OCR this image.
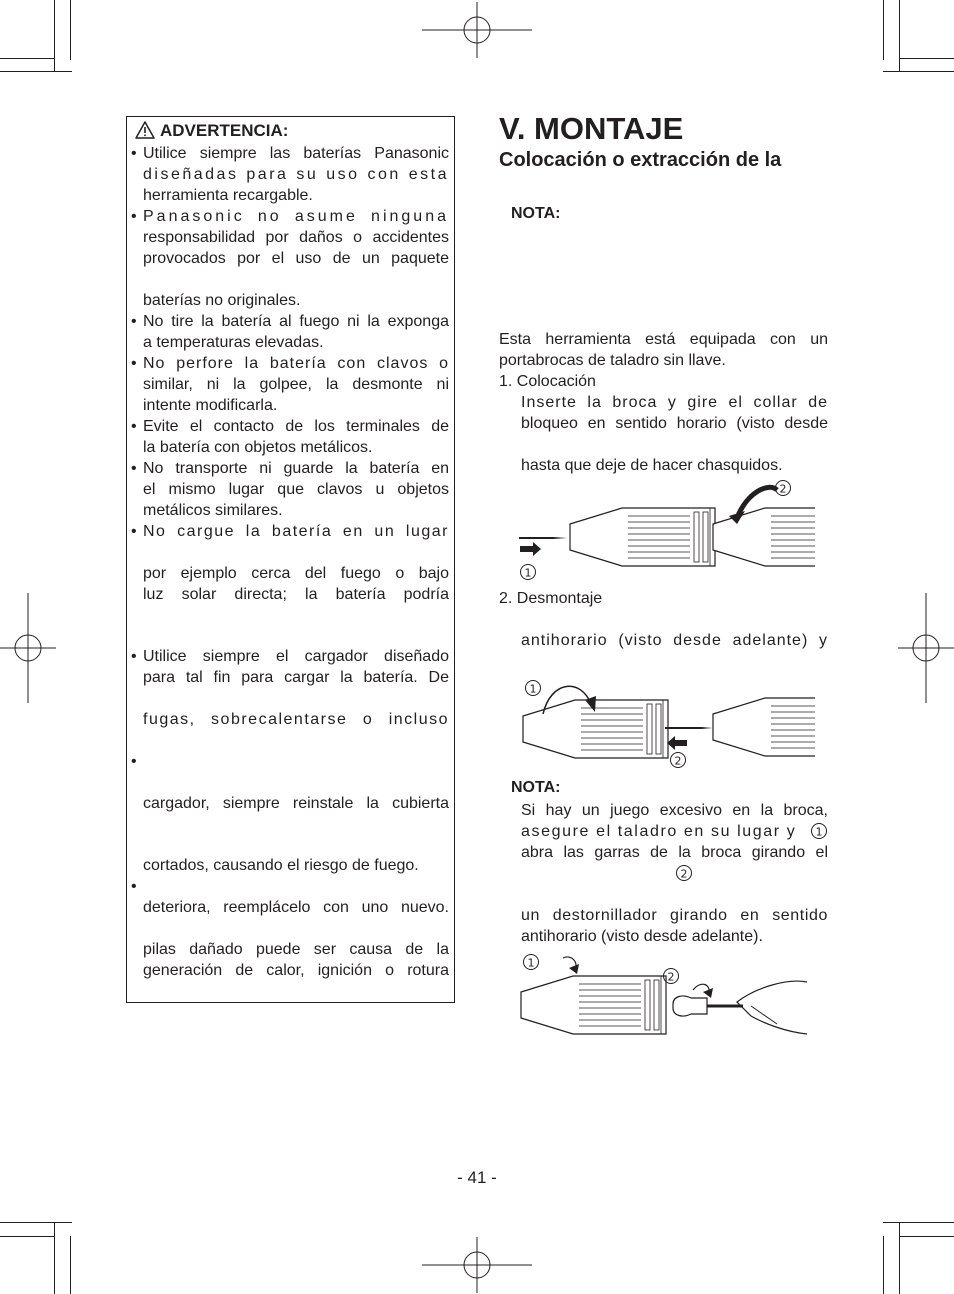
ADVERTENCIA:
• Utilice siempre las baterías Panasonic
diseñadas para su uso con esta
herramienta recargable.
• Panasonic no asume ninguna
responsabilidad por daños o accidentes
provocados por el uso de un paquete
baterías no originales.
• No tire la batería al fuego ni la exponga
a temperaturas elevadas.
• No perfore la batería con clavos o
similar, ni la golpee, la desmonte ni
intente modificarla.
• Evite el contacto de los terminales de
la batería con objetos metálicos.
• No transporte ni guarde la batería en
el mismo lugar que clavos u objetos
metálicos similares.
• No cargue la batería en un lugar
por ejemplo cerca del fuego o bajo
luz solar directa; la batería podría
• Utilice siempre el cargador diseñado
para tal fin para cargar la batería. De
fugas, sobrecalentarse o incluso
•
cargador, siempre reinstale la cubierta
cortados, causando el riesgo de fuego.
•
deteriora, reemplácelo con uno nuevo.
pilas dañado puede ser causa de la
generación de calor, ignición o rotura
V. MONTAJE
Colocación o extracción de la
NOTA:
Esta herramienta está equipada con un
portabrocas de taladro sin llave.
1. Colocación
Inserte la broca y gire el collar de
bloqueo en sentido horario (visto desde
hasta que deje de hacer chasquidos.
1
2
2. Desmontaje
antihorario (visto desde adelante) y
1
2
NOTA:
Si hay un juego excesivo en la broca,
asegure el taladro en su lugar y	1
abra las garras de la broca girando el
2
un destornillador girando en sentido
antihorario (visto desde adelante).
1
2
- 41 -
